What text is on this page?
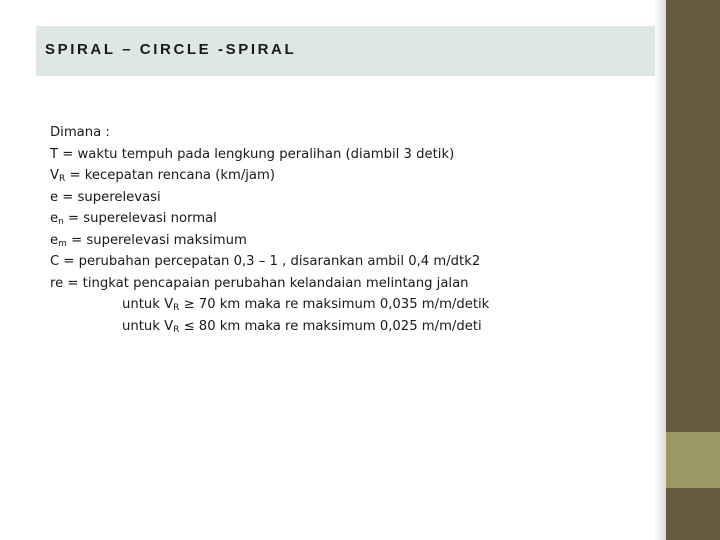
SPIRAL – CIRCLE -SPIRAL
Dimana :
T = waktu tempuh pada lengkung peralihan (diambil 3 detik)
$V_R$ = kecepatan rencana (km/jam)
e = superelevasi
$e_n$ = superelevasi normal
$e_m$ = superelevasi maksimum
C = perubahan percepatan 0,3 – 1 , disarankan ambil 0,4 m/dtk2
re = tingkat pencapaian perubahan kelandaian melintang jalan
untuk $V_R \ge 70$ km maka re maksimum 0,035 m/m/detik
untuk $V_R \le 80$ km maka re maksimum 0,025 m/m/deti
